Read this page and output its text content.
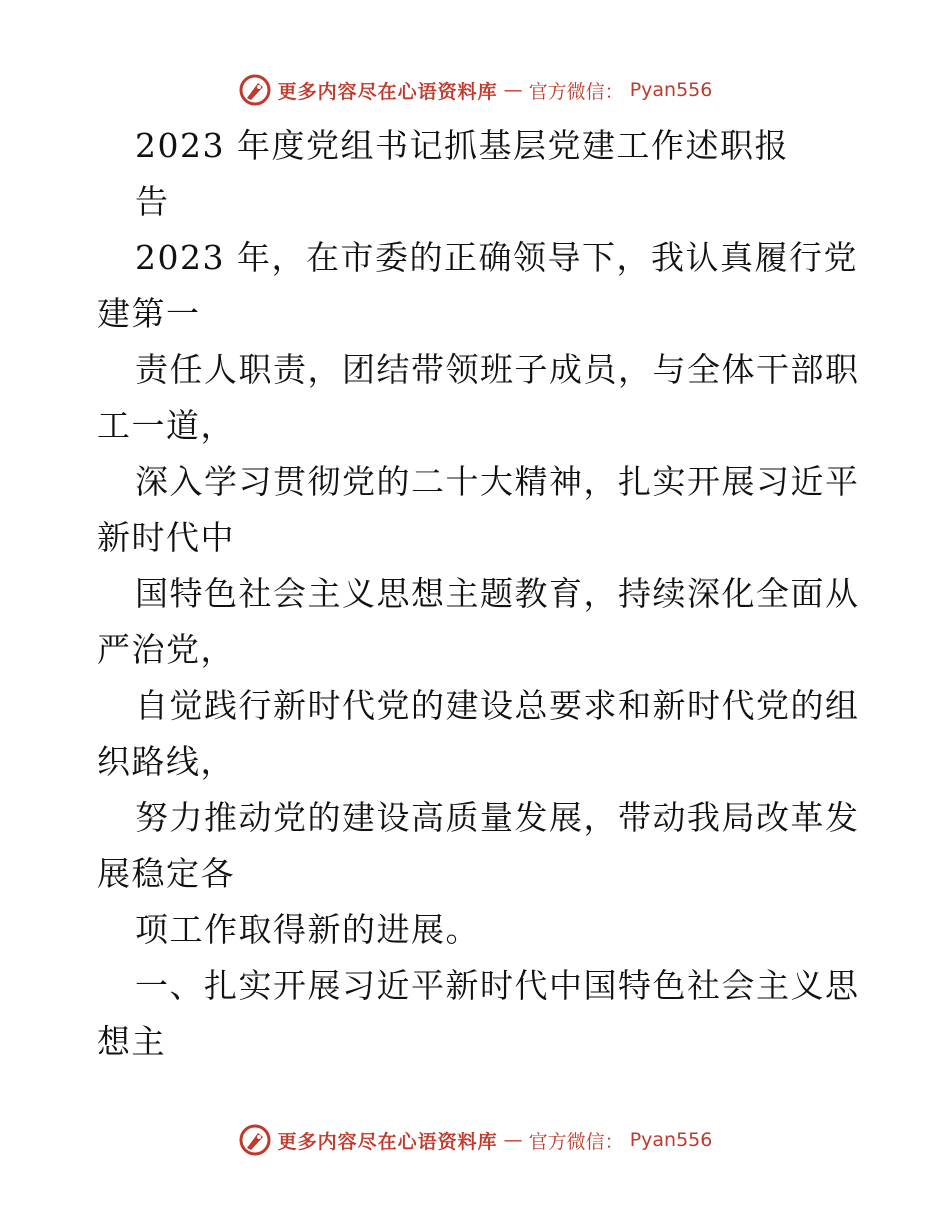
更多内容尽在心语资料库 — 官方微信： Pyan556
2023 年度党组书记抓基层党建工作述职报
告
2023 年，在市委的正确领导下，我认真履行党
建第一
责任人职责，团结带领班子成员，与全体干部职
工一道，
深入学习贯彻党的二十大精神，扎实开展习近平
新时代中
国特色社会主义思想主题教育，持续深化全面从
严治党，
自觉践行新时代党的建设总要求和新时代党的组
织路线，
努力推动党的建设高质量发展，带动我局改革发
展稳定各
项工作取得新的进展。
一、扎实开展习近平新时代中国特色社会主义思
想主
更多内容尽在心语资料库 — 官方微信： Pyan556
